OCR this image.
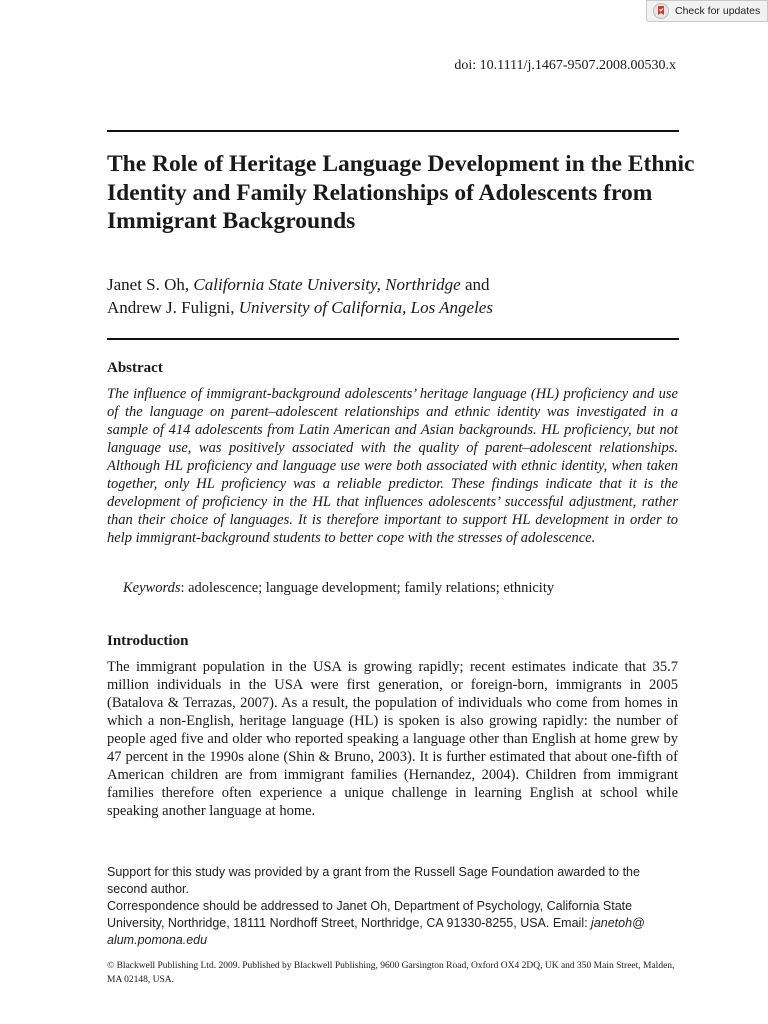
Check for updates
doi: 10.1111/j.1467-9507.2008.00530.x
The Role of Heritage Language Development in the Ethnic Identity and Family Relationships of Adolescents from Immigrant Backgrounds
Janet S. Oh, California State University, Northridge and
Andrew J. Fuligni, University of California, Los Angeles
Abstract

The influence of immigrant-background adolescents’ heritage language (HL) proficiency and use of the language on parent–adolescent relationships and ethnic identity was investigated in a sample of 414 adolescents from Latin American and Asian backgrounds. HL proficiency, but not language use, was positively associated with the quality of parent–adolescent relationships. Although HL proficiency and language use were both associated with ethnic identity, when taken together, only HL proficiency was a reliable predictor. These findings indicate that it is the development of proficiency in the HL that influences adolescents’ successful adjustment, rather than their choice of languages. It is therefore important to support HL development in order to help immigrant-background students to better cope with the stresses of adolescence.

Keywords: adolescence; language development; family relations; ethnicity
Introduction

The immigrant population in the USA is growing rapidly; recent estimates indicate that 35.7 million individuals in the USA were first generation, or foreign-born, immigrants in 2005 (Batalova & Terrazas, 2007). As a result, the population of individuals who come from homes in which a non-English, heritage language (HL) is spoken is also growing rapidly: the number of people aged five and older who reported speaking a language other than English at home grew by 47 percent in the 1990s alone (Shin & Bruno, 2003). It is further estimated that about one-fifth of American children are from immigrant families (Hernandez, 2004). Children from immigrant families therefore often experience a unique challenge in learning English at school while speaking another language at home.

Support for this study was provided by a grant from the Russell Sage Foundation awarded to the second author.

Correspondence should be addressed to Janet Oh, Department of Psychology, California State University, Northridge, 18111 Nordhoff Street, Northridge, CA 91330-8255, USA. Email: janetoh@ alum.pomona.edu

© Blackwell Publishing Ltd. 2009. Published by Blackwell Publishing, 9600 Garsington Road, Oxford OX4 2DQ, UK and 350 Main Street, Malden, MA 02148, USA.
